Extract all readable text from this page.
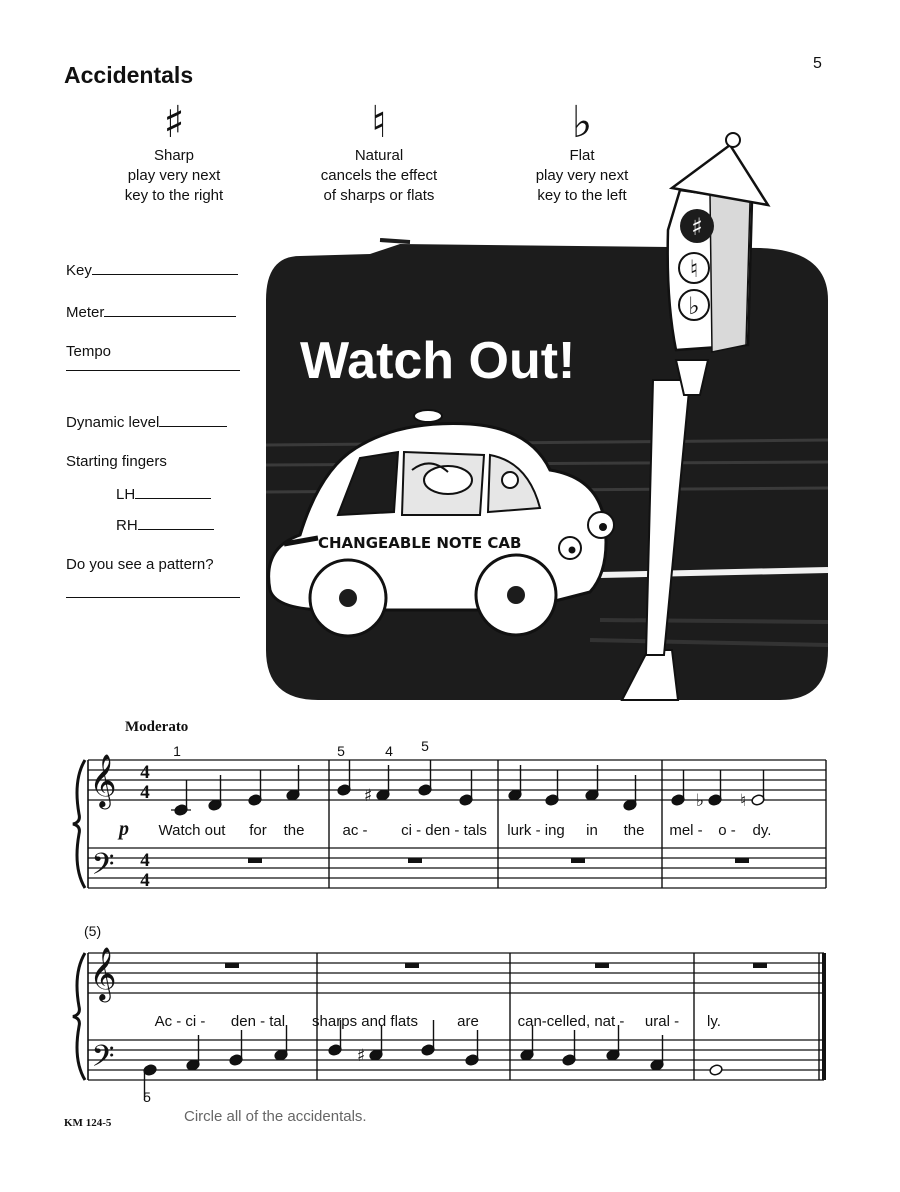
Accidentals	5
♯
Sharp
play very next
key to the right
♮
Natural
cancels the effect
of sharps or flats
♭
Flat
play very next
key to the left
Key
Meter
Tempo
Dynamic level
Starting fingers
LH
RH
Do you see a pattern?
Watch Out!
♯
♮
♭
CHANGEABLE NOTE CAB
Moderato
(5)
𝄞
𝄢
4
4
4
4
♯	♭ ♮
1	5	4 5
p Watch out for the	ac - ci - den - tals lurk - ing in the mel - o - dy.
𝄞
𝄢	♯
5
Ac - ci - den - tal sharps and flats	are	can-celled, nat - ural - ly.
KM 124-5	Circle all of the accidentals.
